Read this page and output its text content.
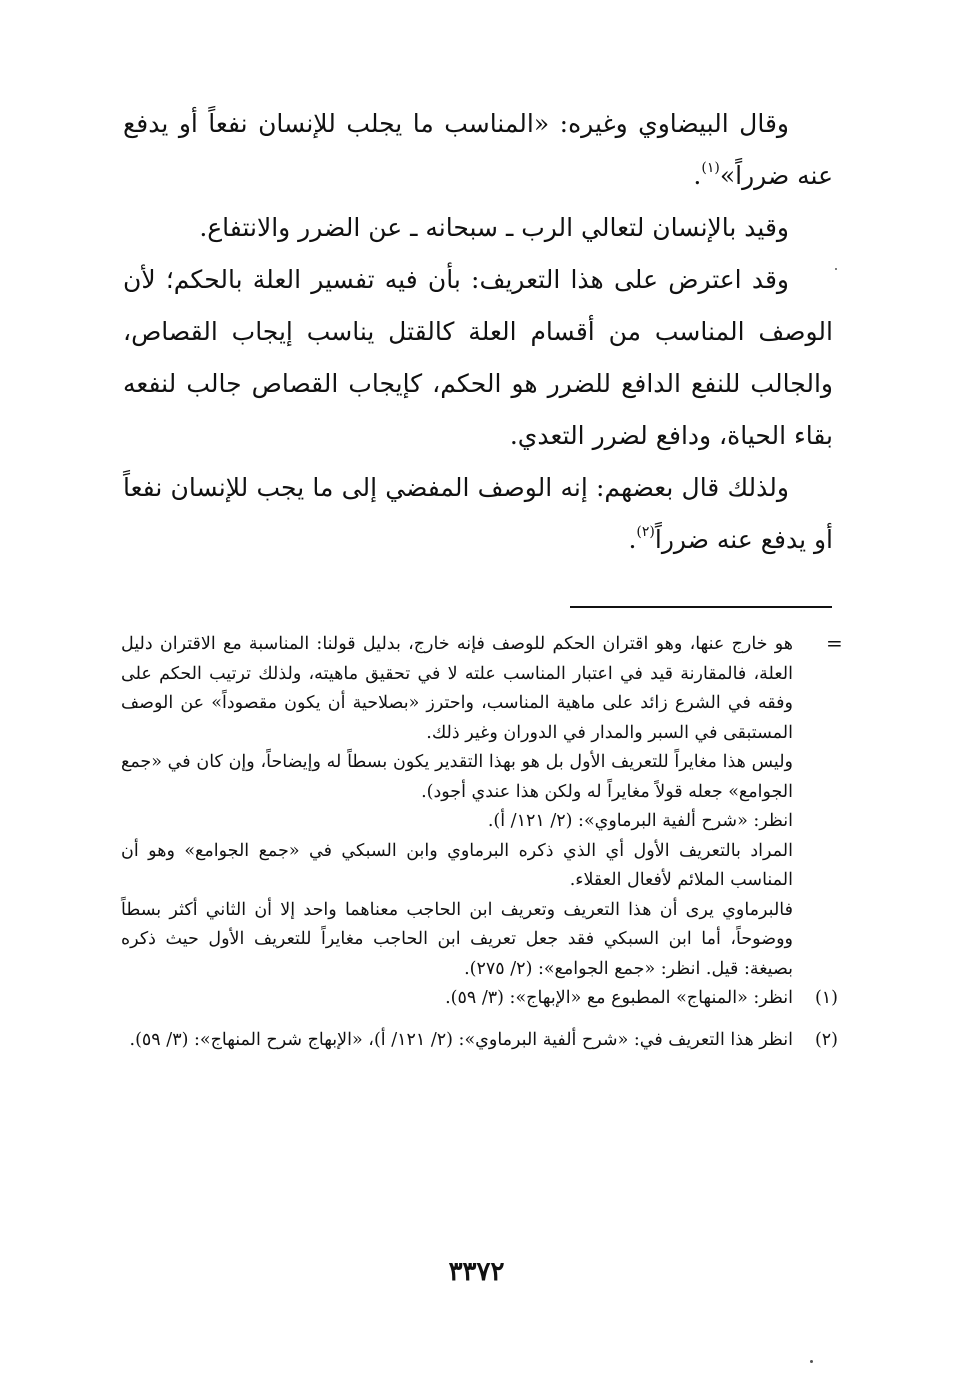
وقال البيضاوي وغيره: «المناسب ما يجلب للإنسان نفعاً أو يدفع عنه ضرراً»$^{(١)}$.

وقيد بالإنسان لتعالي الرب ـ سبحانه ـ عن الضرر والانتفاع.

وقد اعترض على هذا التعريف: بأن فيه تفسير العلة بالحكم؛ لأن الوصف المناسب من أقسام العلة كالقتل يناسب إيجاب القصاص، والجالب للنفع الدافع للضرر هو الحكم، كإيجاب القصاص جالب لنفعه بقاء الحياة، ودافع لضرر التعدي.

ولذلك قال بعضهم: إنه الوصف المفضي إلى ما يجب للإنسان نفعاً أو يدفع عنه ضرراً$^{(٢)}$.

=

هو خارج عنها، وهو اقتران الحكم للوصف فإنه خارج، بدليل قولنا: المناسبة مع الاقتران دليل العلة، فالمقارنة قيد في اعتبار المناسب علته لا في تحقيق ماهيته، ولذلك ترتيب الحكم على وفقه في الشرع زائد على ماهية المناسب، واحترز «بصلاحية أن يكون مقصوداً» عن الوصف المستبقى في السبر والمدار في الدوران وغير ذلك.

وليس هذا مغايراً للتعريف الأول بل هو بهذا التقدير يكون بسطاً له وإيضاحاً، وإن كان في «جمع الجوامع» جعله قولاً مغايراً له ولكن هذا عندي أجود).

انظر: «شرح ألفية البرماوي»: (٢/ ١٢١/ أ).

المراد بالتعريف الأول أي الذي ذكره البرماوي وابن السبكي في «جمع الجوامع» وهو أن المناسب الملائم لأفعال العقلاء.

فالبرماوي يرى أن هذا التعريف وتعريف ابن الحاجب معناهما واحد إلا أن الثاني أكثر بسطاً ووضوحاً، أما ابن السبكي فقد جعل تعريف ابن الحاجب مغايراً للتعريف الأول حيث ذكره بصيغة: قيل. انظر: «جمع الجوامع»: (٢/ ٢٧٥).

(١)
انظر: «المنهاج» المطبوع مع «الإبهاج»: (٣/ ٥٩).

(٢)
انظر هذا التعريف في: «شرح ألفية البرماوي»: (٢/ ١٢١/ أ)، «الإبهاج شرح المنهاج»: (٣/ ٥٩).

٣٣٧٢
